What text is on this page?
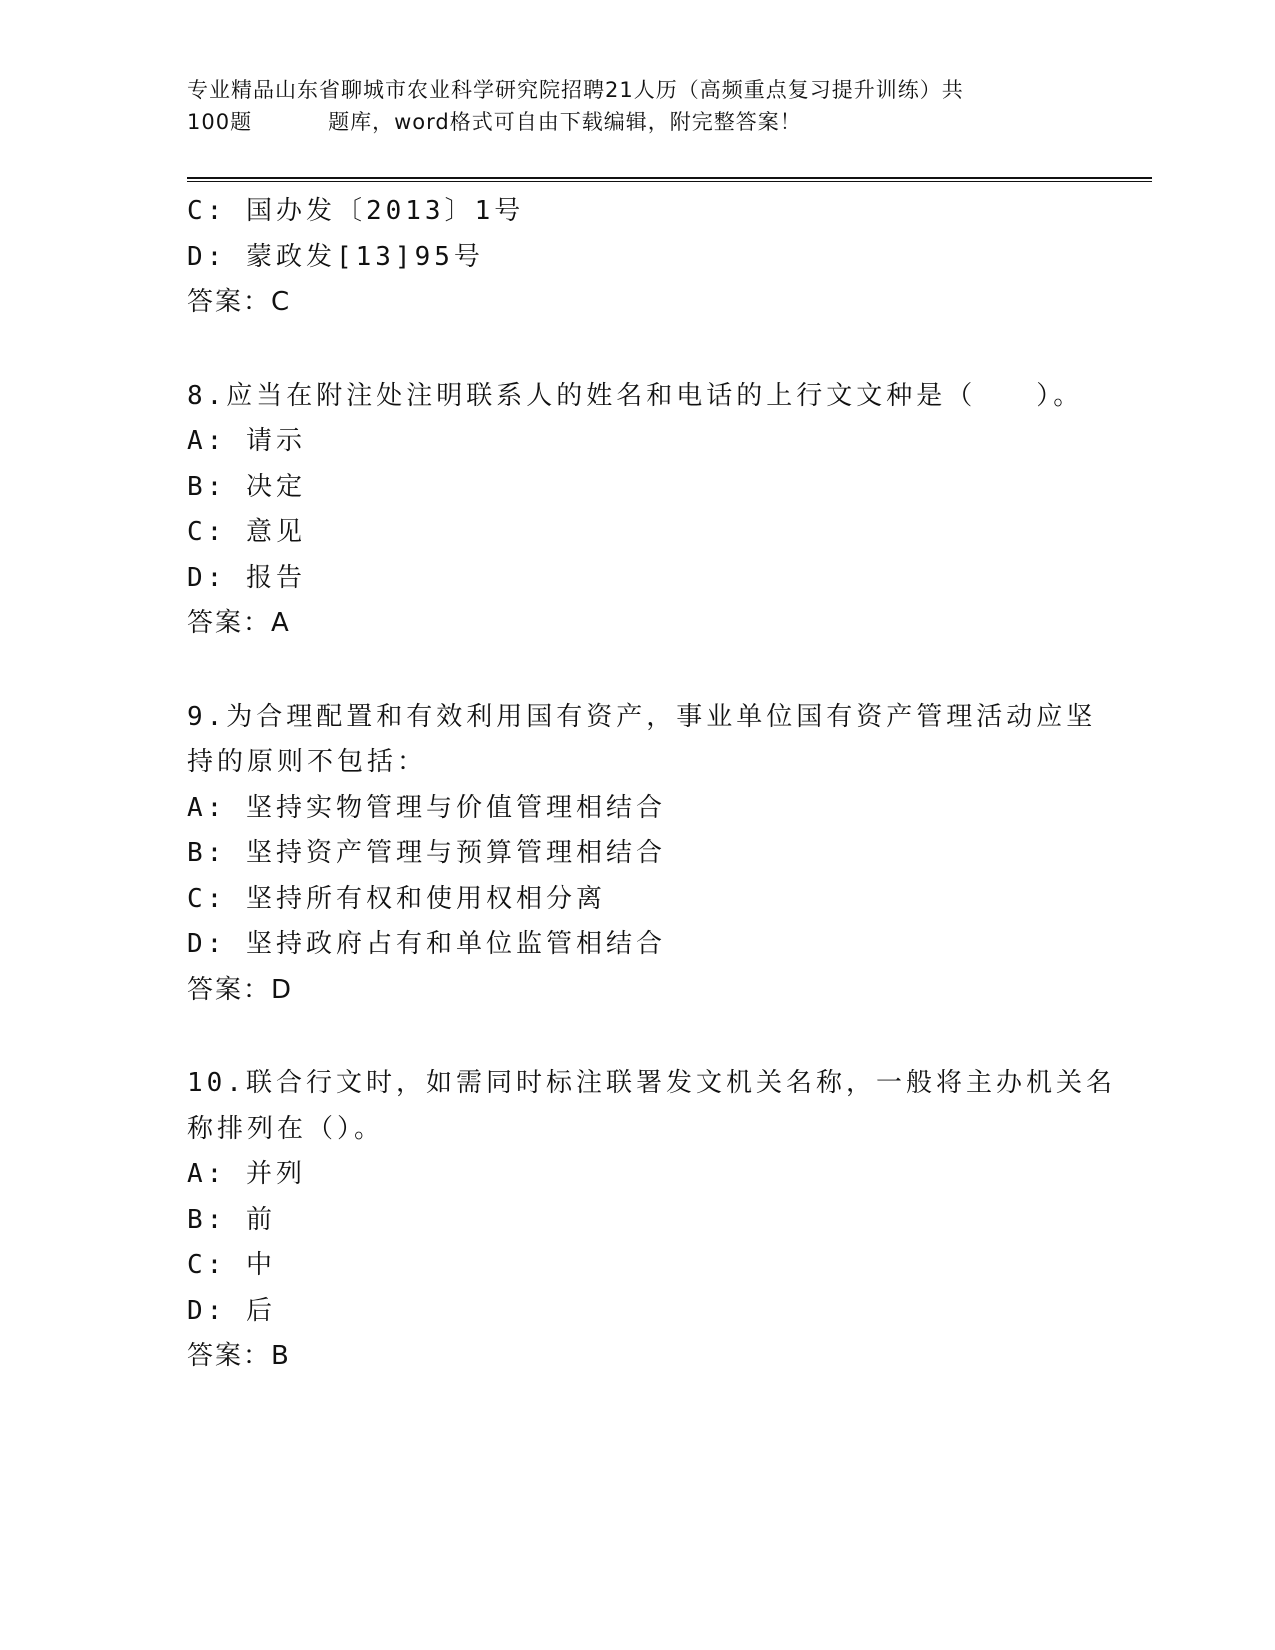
专业精品山东省聊城市农业科学研究院招聘21人历（高频重点复习提升训练）共
100题	题库，word格式可自由下载编辑，附完整答案！
C: 国办发〔2013〕1号
D: 蒙政发[13]95号
答案：C
8.应当在附注处注明联系人的姓名和电话的上行文文种是（　　）。
A: 请示
B: 决定
C: 意见
D: 报告
答案：A
9.为合理配置和有效利用国有资产，事业单位国有资产管理活动应坚
持的原则不包括：
A: 坚持实物管理与价值管理相结合
B: 坚持资产管理与预算管理相结合
C: 坚持所有权和使用权相分离
D: 坚持政府占有和单位监管相结合
答案：D
10.联合行文时，如需同时标注联署发文机关名称，一般将主办机关名
称排列在（）。
A: 并列
B: 前
C: 中
D: 后
答案：B
